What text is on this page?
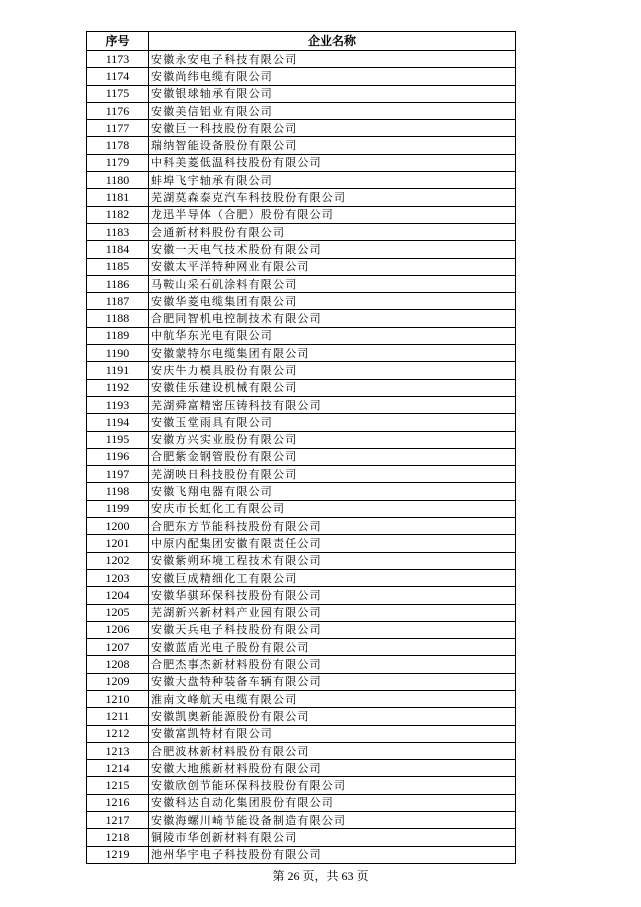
序号	企业名称
1173	安徽永安电子科技有限公司
1174	安徽尚纬电缆有限公司
1175	安徽银球轴承有限公司
1176	安徽美信铝业有限公司
1177	安徽巨一科技股份有限公司
1178	瑞纳智能设备股份有限公司
1179	中科美菱低温科技股份有限公司
1180	蚌埠飞宇轴承有限公司
1181	芜湖莫森泰克汽车科技股份有限公司
1182	龙迅半导体（合肥）股份有限公司
1183	会通新材料股份有限公司
1184	安徽一天电气技术股份有限公司
1185	安徽太平洋特种网业有限公司
1186	马鞍山采石矶涂料有限公司
1187	安徽华菱电缆集团有限公司
1188	合肥同智机电控制技术有限公司
1189	中航华东光电有限公司
1190	安徽蒙特尔电缆集团有限公司
1191	安庆牛力模具股份有限公司
1192	安徽佳乐建设机械有限公司
1193	芜湖舜富精密压铸科技有限公司
1194	安徽玉堂雨具有限公司
1195	安徽方兴实业股份有限公司
1196	合肥紫金钢管股份有限公司
1197	芜湖映日科技股份有限公司
1198	安徽飞翔电器有限公司
1199	安庆市长虹化工有限公司
1200	合肥东方节能科技股份有限公司
1201	中原内配集团安徽有限责任公司
1202	安徽紫朔环境工程技术有限公司
1203	安徽巨成精细化工有限公司
1204	安徽华骐环保科技股份有限公司
1205	芜湖新兴新材料产业园有限公司
1206	安徽天兵电子科技股份有限公司
1207	安徽蓝盾光电子股份有限公司
1208	合肥杰事杰新材料股份有限公司
1209	安徽大盘特种装备车辆有限公司
1210	淮南文峰航天电缆有限公司
1211	安徽凯奥新能源股份有限公司
1212	安徽富凯特材有限公司
1213	合肥波林新材料股份有限公司
1214	安徽大地熊新材料股份有限公司
1215	安徽欣创节能环保科技股份有限公司
1216	安徽科达自动化集团股份有限公司
1217	安徽海螺川崎节能设备制造有限公司
1218	铜陵市华创新材料有限公司
1219	池州华宇电子科技股份有限公司
第 26 页，共 63 页
